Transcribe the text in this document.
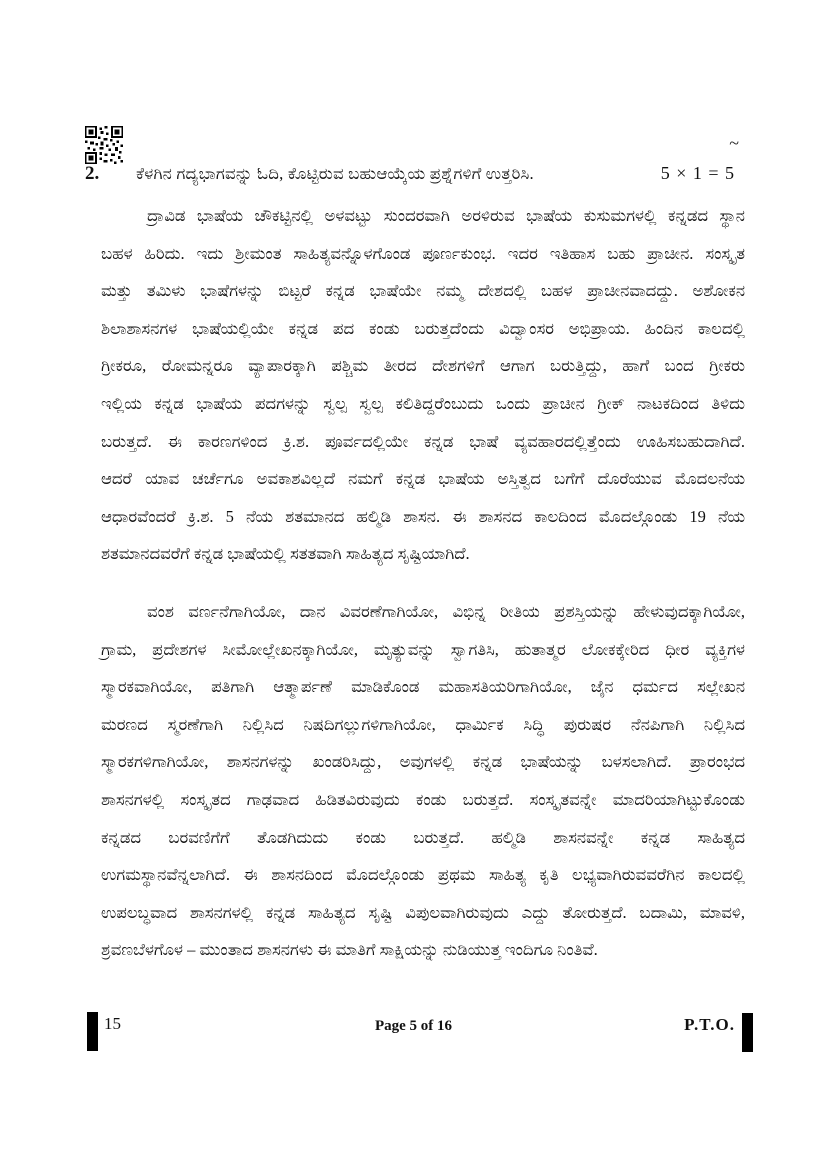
~
2. ಕೆಳಗಿನ ಗದ್ಯಭಾಗವನ್ನು ಓದಿ, ಕೊಟ್ಟಿರುವ ಬಹುಆಯ್ಕೆಯ ಪ್ರಶ್ನೆಗಳಿಗೆ ಉತ್ತರಿಸಿ.	5 × 1 = 5
ದ್ರಾವಿಡ ಭಾಷೆಯ ಚೌಕಟ್ಟಿನಲ್ಲಿ ಅಳವಟ್ಟು ಸುಂದರವಾಗಿ ಅರಳಿರುವ ಭಾಷೆಯ ಕುಸುಮಗಳಲ್ಲಿ ಕನ್ನಡದ ಸ್ಥಾನ
ಬಹಳ ಹಿರಿದು. ಇದು ಶ್ರೀಮಂತ ಸಾಹಿತ್ಯವನ್ನೊಳಗೊಂಡ ಪೂರ್ಣಕುಂಭ. ಇದರ ಇತಿಹಾಸ ಬಹು ಪ್ರಾಚೀನ. ಸಂಸ್ಕೃತ
ಮತ್ತು ತಮಿಳು ಭಾಷೆಗಳನ್ನು ಬಿಟ್ಟರೆ ಕನ್ನಡ ಭಾಷೆಯೇ ನಮ್ಮ ದೇಶದಲ್ಲಿ ಬಹಳ ಪ್ರಾಚೀನವಾದದ್ದು. ಅಶೋಕನ
ಶಿಲಾಶಾಸನಗಳ ಭಾಷೆಯಲ್ಲಿಯೇ ಕನ್ನಡ ಪದ ಕಂಡು ಬರುತ್ತದೆಂದು ವಿದ್ವಾಂಸರ ಅಭಿಪ್ರಾಯ. ಹಿಂದಿನ ಕಾಲದಲ್ಲಿ
ಗ್ರೀಕರೂ, ರೋಮನ್ನರೂ ವ್ಯಾಪಾರಕ್ಕಾಗಿ ಪಶ್ಚಿಮ ತೀರದ ದೇಶಗಳಿಗೆ ಆಗಾಗ ಬರುತ್ತಿದ್ದು, ಹಾಗೆ ಬಂದ ಗ್ರೀಕರು
ಇಲ್ಲಿಯ ಕನ್ನಡ ಭಾಷೆಯ ಪದಗಳನ್ನು ಸ್ವಲ್ಪ ಸ್ವಲ್ಪ ಕಲಿತಿದ್ದರೆಂಬುದು ಒಂದು ಪ್ರಾಚೀನ ಗ್ರೀಕ್ ನಾಟಕದಿಂದ ತಿಳಿದು
ಬರುತ್ತದೆ. ಈ ಕಾರಣಗಳಿಂದ ಕ್ರಿ.ಶ. ಪೂರ್ವದಲ್ಲಿಯೇ ಕನ್ನಡ ಭಾಷೆ ವ್ಯವಹಾರದಲ್ಲಿತ್ತೆಂದು ಊಹಿಸಬಹುದಾಗಿದೆ.
ಆದರೆ ಯಾವ ಚರ್ಚೆಗೂ ಅವಕಾಶವಿಲ್ಲದೆ ನಮಗೆ ಕನ್ನಡ ಭಾಷೆಯ ಅಸ್ತಿತ್ವದ ಬಗೆಗೆ ದೊರೆಯುವ ಮೊದಲನೆಯ
ಆಧಾರವೆಂದರೆ ಕ್ರಿ.ಶ. 5 ನೆಯ ಶತಮಾನದ ಹಲ್ಮಿಡಿ ಶಾಸನ. ಈ ಶಾಸನದ ಕಾಲದಿಂದ ಮೊದಲ್ಗೊಂಡು 19 ನೆಯ
ಶತಮಾನದವರೆಗೆ ಕನ್ನಡ ಭಾಷೆಯಲ್ಲಿ ಸತತವಾಗಿ ಸಾಹಿತ್ಯದ ಸೃಷ್ಟಿಯಾಗಿದೆ.
ವಂಶ ವರ್ಣನೆಗಾಗಿಯೋ, ದಾನ ವಿವರಣೆಗಾಗಿಯೋ, ವಿಭಿನ್ನ ರೀತಿಯ ಪ್ರಶಸ್ತಿಯನ್ನು ಹೇಳುವುದಕ್ಕಾಗಿಯೋ,
ಗ್ರಾಮ, ಪ್ರದೇಶಗಳ ಸೀಮೋಲ್ಲೇಖನಕ್ಕಾಗಿಯೋ, ಮೃತ್ಯುವನ್ನು ಸ್ವಾಗತಿಸಿ, ಹುತಾತ್ಮರ ಲೋಕಕ್ಕೇರಿದ ಧೀರ ವ್ಯಕ್ತಿಗಳ
ಸ್ಮಾರಕವಾಗಿಯೋ, ಪತಿಗಾಗಿ ಆತ್ಮಾರ್ಪಣೆ ಮಾಡಿಕೊಂಡ ಮಹಾಸತಿಯರಿಗಾಗಿಯೋ, ಜೈನ ಧರ್ಮದ ಸಲ್ಲೇಖನ
ಮರಣದ ಸ್ಮರಣೆಗಾಗಿ ನಿಲ್ಲಿಸಿದ ನಿಷದಿಗಲ್ಲುಗಳಿಗಾಗಿಯೋ, ಧಾರ್ಮಿಕ ಸಿದ್ಧಿ ಪುರುಷರ ನೆನಪಿಗಾಗಿ ನಿಲ್ಲಿಸಿದ
ಸ್ಮಾರಕಗಳಿಗಾಗಿಯೋ, ಶಾಸನಗಳನ್ನು ಖಂಡರಿಸಿದ್ದು, ಅವುಗಳಲ್ಲಿ ಕನ್ನಡ ಭಾಷೆಯನ್ನು ಬಳಸಲಾಗಿದೆ. ಪ್ರಾರಂಭದ
ಶಾಸನಗಳಲ್ಲಿ ಸಂಸ್ಕೃತದ ಗಾಢವಾದ ಹಿಡಿತವಿರುವುದು ಕಂಡು ಬರುತ್ತದೆ. ಸಂಸ್ಕೃತವನ್ನೇ ಮಾದರಿಯಾಗಿಟ್ಟುಕೊಂಡು
ಕನ್ನಡದ ಬರವಣಿಗೆಗೆ ತೊಡಗಿದುದು ಕಂಡು ಬರುತ್ತದೆ. ಹಲ್ಮಿಡಿ ಶಾಸನವನ್ನೇ ಕನ್ನಡ ಸಾಹಿತ್ಯದ
ಉಗಮಸ್ಥಾನವೆನ್ನಲಾಗಿದೆ. ಈ ಶಾಸನದಿಂದ ಮೊದಲ್ಗೊಂಡು ಪ್ರಥಮ ಸಾಹಿತ್ಯ ಕೃತಿ ಲಭ್ಯವಾಗಿರುವವರೆಗಿನ ಕಾಲದಲ್ಲಿ
ಉಪಲಬ್ಧವಾದ ಶಾಸನಗಳಲ್ಲಿ ಕನ್ನಡ ಸಾಹಿತ್ಯದ ಸೃಷ್ಟಿ ವಿಪುಲವಾಗಿರುವುದು ಎದ್ದು ತೋರುತ್ತದೆ. ಬದಾಮಿ, ಮಾವಳಿ,
ಶ್ರವಣಬೆಳಗೊಳ – ಮುಂತಾದ ಶಾಸನಗಳು ಈ ಮಾತಿಗೆ ಸಾಕ್ಷಿಯನ್ನು ನುಡಿಯುತ್ತ ಇಂದಿಗೂ ನಿಂತಿವೆ.
15	Page 5 of 16	P.T.O.
